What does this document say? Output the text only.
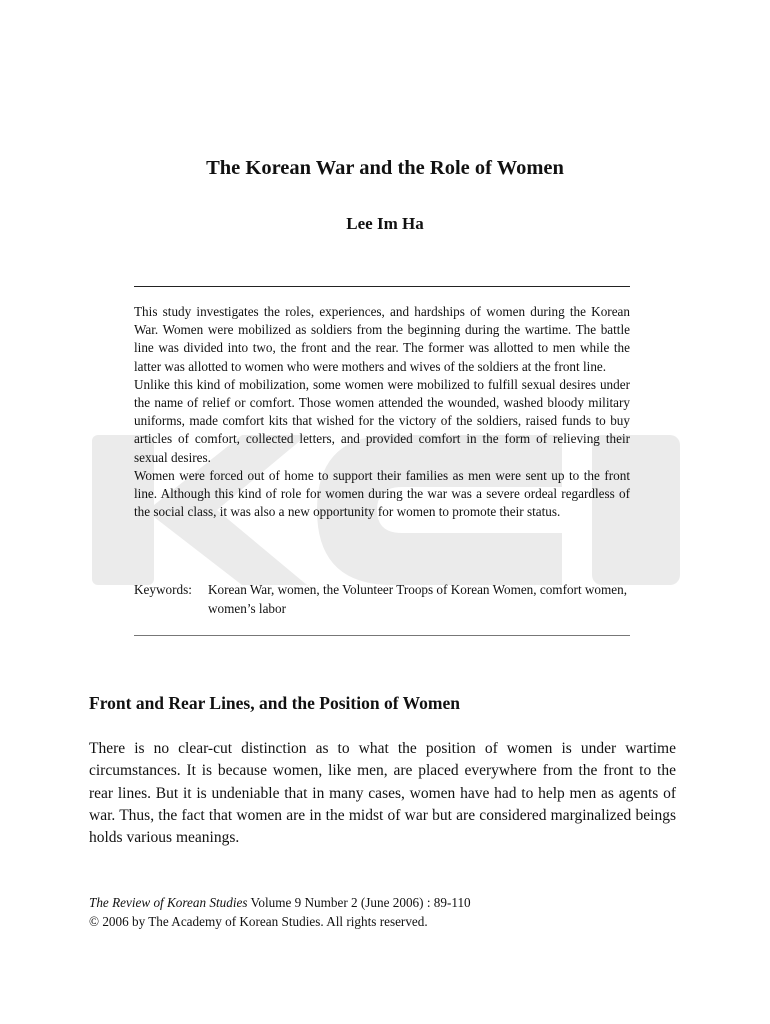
The Korean War and the Role of Women
Lee Im Ha

This study investigates the roles, experiences, and hardships of women during the Korean War. Women were mobilized as soldiers from the beginning during the wartime. The battle line was divided into two, the front and the rear. The former was allotted to men while the latter was allotted to women who were mothers and wives of the soldiers at the front line.

Unlike this kind of mobilization, some women were mobilized to fulfill sexual desires under the name of relief or comfort. Those women attended the wounded, washed bloody military uniforms, made comfort kits that wished for the victory of the soldiers, raised funds to buy articles of comfort, collected letters, and provided comfort in the form of relieving their sexual desires.

Women were forced out of home to support their families as men were sent up to the front line. Although this kind of role for women during the war was a severe ordeal regardless of the social class, it was also a new opportunity for women to promote their status.

Keywords:	Korean War, women, the Volunteer Troops of Korean Women, comfort women, women’s labor
Front and Rear Lines, and the Position of Women

There is no clear-cut distinction as to what the position of women is under wartime circumstances. It is because women, like men, are placed everywhere from the front to the rear lines. But it is undeniable that in many cases, women have had to help men as agents of war. Thus, the fact that women are in the midst of war but are considered marginalized beings holds various meanings.

The Review of Korean Studies Volume 9 Number 2 (June 2006) : 89-110
© 2006 by The Academy of Korean Studies. All rights reserved.
